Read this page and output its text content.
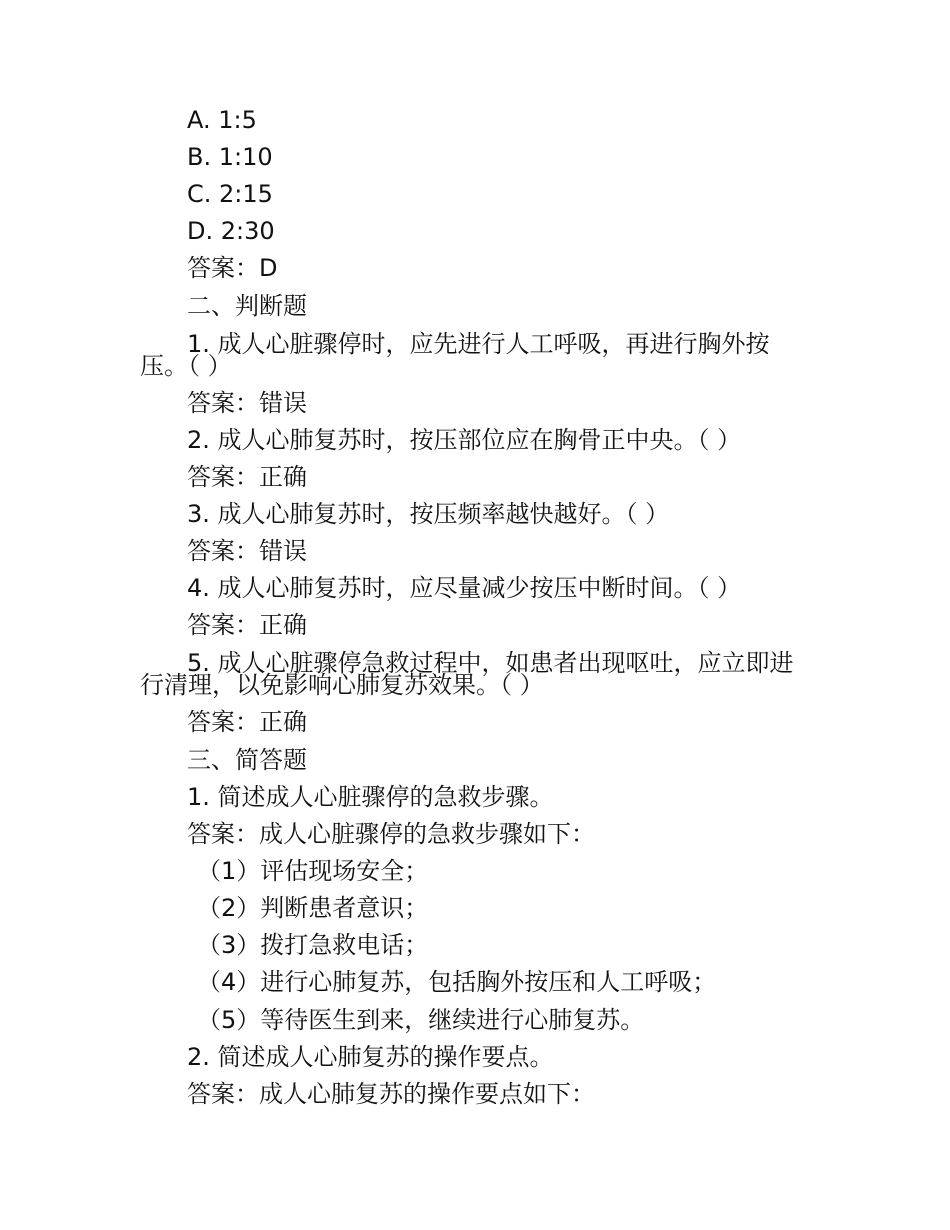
A. 1:5
B. 1:10
C. 2:15
D. 2:30
答案：D
二、判断题
1. 成人心脏骤停时，应先进行人工呼吸，再进行胸外按
压。（ ）
答案：错误
2. 成人心肺复苏时，按压部位应在胸骨正中央。（ ）
答案：正确
3. 成人心肺复苏时，按压频率越快越好。（ ）
答案：错误
4. 成人心肺复苏时，应尽量减少按压中断时间。（ ）
答案：正确
5. 成人心脏骤停急救过程中，如患者出现呕吐，应立即进
行清理，以免影响心肺复苏效果。（ ）
答案：正确
三、简答题
1. 简述成人心脏骤停的急救步骤。
答案：成人心脏骤停的急救步骤如下：
（1）评估现场安全；
（2）判断患者意识；
（3）拨打急救电话；
（4）进行心肺复苏，包括胸外按压和人工呼吸；
（5）等待医生到来，继续进行心肺复苏。
2. 简述成人心肺复苏的操作要点。
答案：成人心肺复苏的操作要点如下：
